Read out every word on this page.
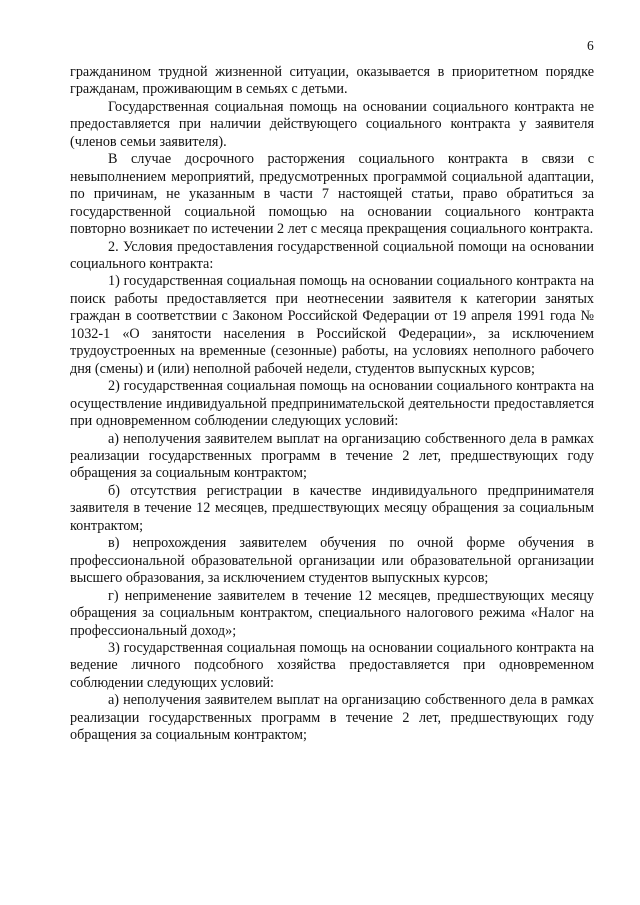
6

гражданином трудной жизненной ситуации, оказывается в приоритетном порядке гражданам, проживающим в семьях с детьми.

Государственная социальная помощь на основании социального контракта не предоставляется при наличии действующего социального контракта у заявителя (членов семьи заявителя).

В случае досрочного расторжения социального контракта в связи с невыполнением мероприятий, предусмотренных программой социальной адаптации, по причинам, не указанным в части 7 настоящей статьи, право обратиться за государственной социальной помощью на основании социального контракта повторно возникает по истечении 2 лет с месяца прекращения социального контракта.

2. Условия предоставления государственной социальной помощи на основании социального контракта:

1) государственная социальная помощь на основании социального контракта на поиск работы предоставляется при неотнесении заявителя к категории занятых граждан в соответствии с Законом Российской Федерации от 19 апреля 1991 года № 1032-1 «О занятости населения в Российской Федерации», за исключением трудоустроенных на временные (сезонные) работы, на условиях неполного рабочего дня (смены) и (или) неполной рабочей недели, студентов выпускных курсов;

2) государственная социальная помощь на основании социального контракта на осуществление индивидуальной предпринимательской деятельности предоставляется при одновременном соблюдении следующих условий:

а) неполучения заявителем выплат на организацию собственного дела в рамках реализации государственных программ в течение 2 лет, предшествующих году обращения за социальным контрактом;

б) отсутствия регистрации в качестве индивидуального предпринимателя заявителя в течение 12 месяцев, предшествующих месяцу обращения за социальным контрактом;

в) непрохождения заявителем обучения по очной форме обучения в профессиональной образовательной организации или образовательной организации высшего образования, за исключением студентов выпускных курсов;

г) неприменение заявителем в течение 12 месяцев, предшествующих месяцу обращения за социальным контрактом, специального налогового режима «Налог на профессиональный доход»;

3) государственная социальная помощь на основании социального контракта на ведение личного подсобного хозяйства предоставляется при одновременном соблюдении следующих условий:

а) неполучения заявителем выплат на организацию собственного дела в рамках реализации государственных программ в течение 2 лет, предшествующих году обращения за социальным контрактом;
